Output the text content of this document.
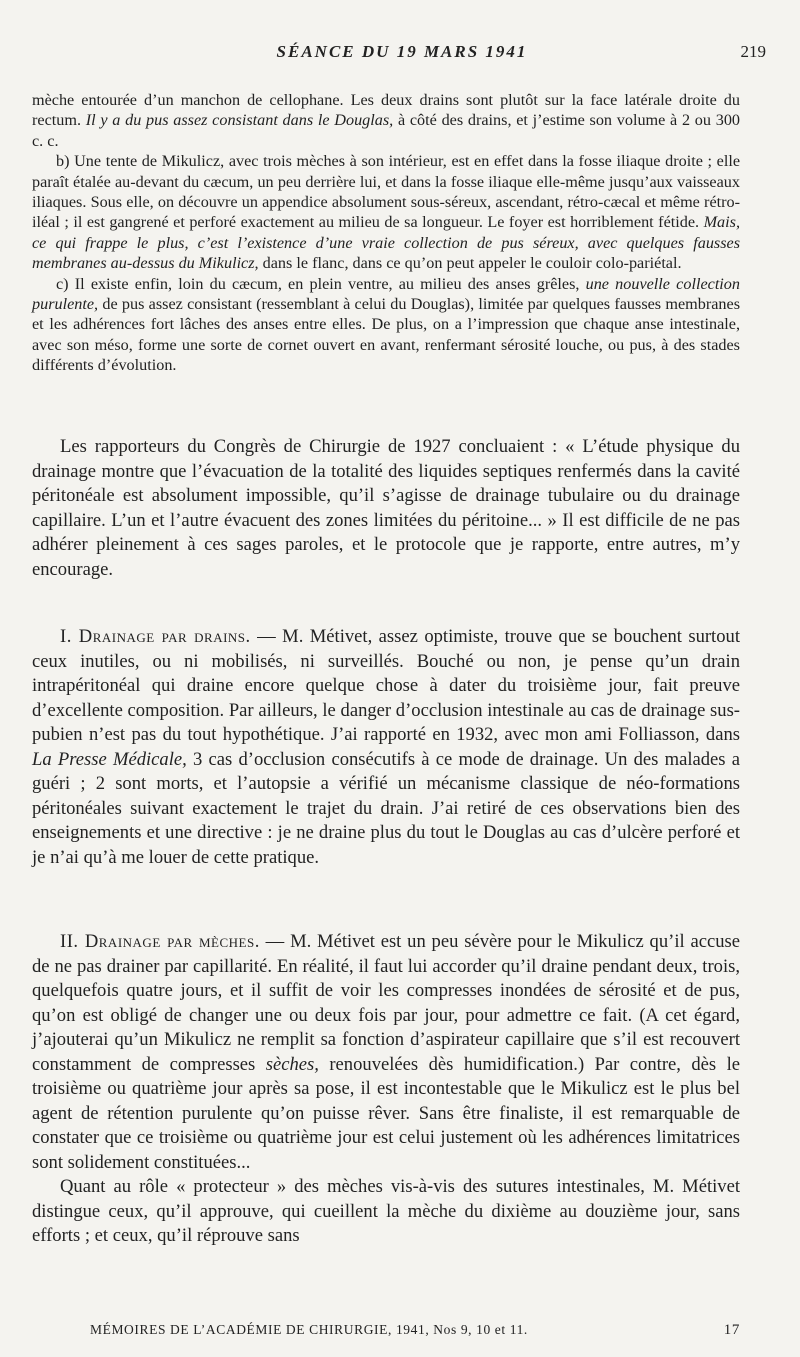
SÉANCE DU 19 MARS 1941	219

mèche entourée d’un manchon de cellophane. Les deux drains sont plutôt sur la face latérale droite du rectum. Il y a du pus assez consistant dans le Douglas, à côté des drains, et j’estime son volume à 2 ou 300 c. c.

b) Une tente de Mikulicz, avec trois mèches à son intérieur, est en effet dans la fosse iliaque droite ; elle paraît étalée au-devant du cæcum, un peu derrière lui, et dans la fosse iliaque elle-même jusqu’aux vaisseaux iliaques. Sous elle, on découvre un appendice absolument sous-séreux, ascendant, rétro-cæcal et même rétro-iléal ; il est gangrené et perforé exactement au milieu de sa longueur. Le foyer est horriblement fétide. Mais, ce qui frappe le plus, c’est l’existence d’une vraie collection de pus séreux, avec quelques fausses membranes au-dessus du Mikulicz, dans le flanc, dans ce qu’on peut appeler le couloir colo-pariétal.

c) Il existe enfin, loin du cæcum, en plein ventre, au milieu des anses grêles, une nouvelle collection purulente, de pus assez consistant (ressemblant à celui du Douglas), limitée par quelques fausses membranes et les adhérences fort lâches des anses entre elles. De plus, on a l’impression que chaque anse intestinale, avec son méso, forme une sorte de cornet ouvert en avant, renfermant sérosité louche, ou pus, à des stades différents d’évolution.

Les rapporteurs du Congrès de Chirurgie de 1927 concluaient : « L’étude physique du drainage montre que l’évacuation de la totalité des liquides septiques renfermés dans la cavité péritonéale est absolument impossible, qu’il s’agisse de drainage tubulaire ou du drainage capillaire. L’un et l’autre évacuent des zones limitées du péritoine... » Il est difficile de ne pas adhérer pleinement à ces sages paroles, et le protocole que je rapporte, entre autres, m’y encourage.

I. Drainage par drains. — M. Métivet, assez optimiste, trouve que se bouchent surtout ceux inutiles, ou ni mobilisés, ni surveillés. Bouché ou non, je pense qu’un drain intrapéritonéal qui draine encore quelque chose à dater du troisième jour, fait preuve d’excellente composition. Par ailleurs, le danger d’occlusion intestinale au cas de drainage sus-pubien n’est pas du tout hypothétique. J’ai rapporté en 1932, avec mon ami Folliasson, dans La Presse Médicale, 3 cas d’occlusion consécutifs à ce mode de drainage. Un des malades a guéri ; 2 sont morts, et l’autopsie a vérifié un mécanisme classique de néo-formations péritonéales suivant exactement le trajet du drain. J’ai retiré de ces observations bien des enseignements et une directive : je ne draine plus du tout le Douglas au cas d’ulcère perforé et je n’ai qu’à me louer de cette pratique.

II. Drainage par mèches. — M. Métivet est un peu sévère pour le Mikulicz qu’il accuse de ne pas drainer par capillarité. En réalité, il faut lui accorder qu’il draine pendant deux, trois, quelquefois quatre jours, et il suffit de voir les compresses inondées de sérosité et de pus, qu’on est obligé de changer une ou deux fois par jour, pour admettre ce fait. (A cet égard, j’ajouterai qu’un Mikulicz ne remplit sa fonction d’aspirateur capillaire que s’il est recouvert constamment de compresses sèches, renouvelées dès humidification.) Par contre, dès le troisième ou quatrième jour après sa pose, il est incontestable que le Mikulicz est le plus bel agent de rétention purulente qu’on puisse rêver. Sans être finaliste, il est remarquable de constater que ce troisième ou quatrième jour est celui justement où les adhérences limitatrices sont solidement constituées...

Quant au rôle « protecteur » des mèches vis-à-vis des sutures intestinales, M. Métivet distingue ceux, qu’il approuve, qui cueillent la mèche du dixième au douzième jour, sans efforts ; et ceux, qu’il réprouve sans

MÉMOIRES DE L’ACADÉMIE DE CHIRURGIE, 1941, Nos 9, 10 et 11.	17
